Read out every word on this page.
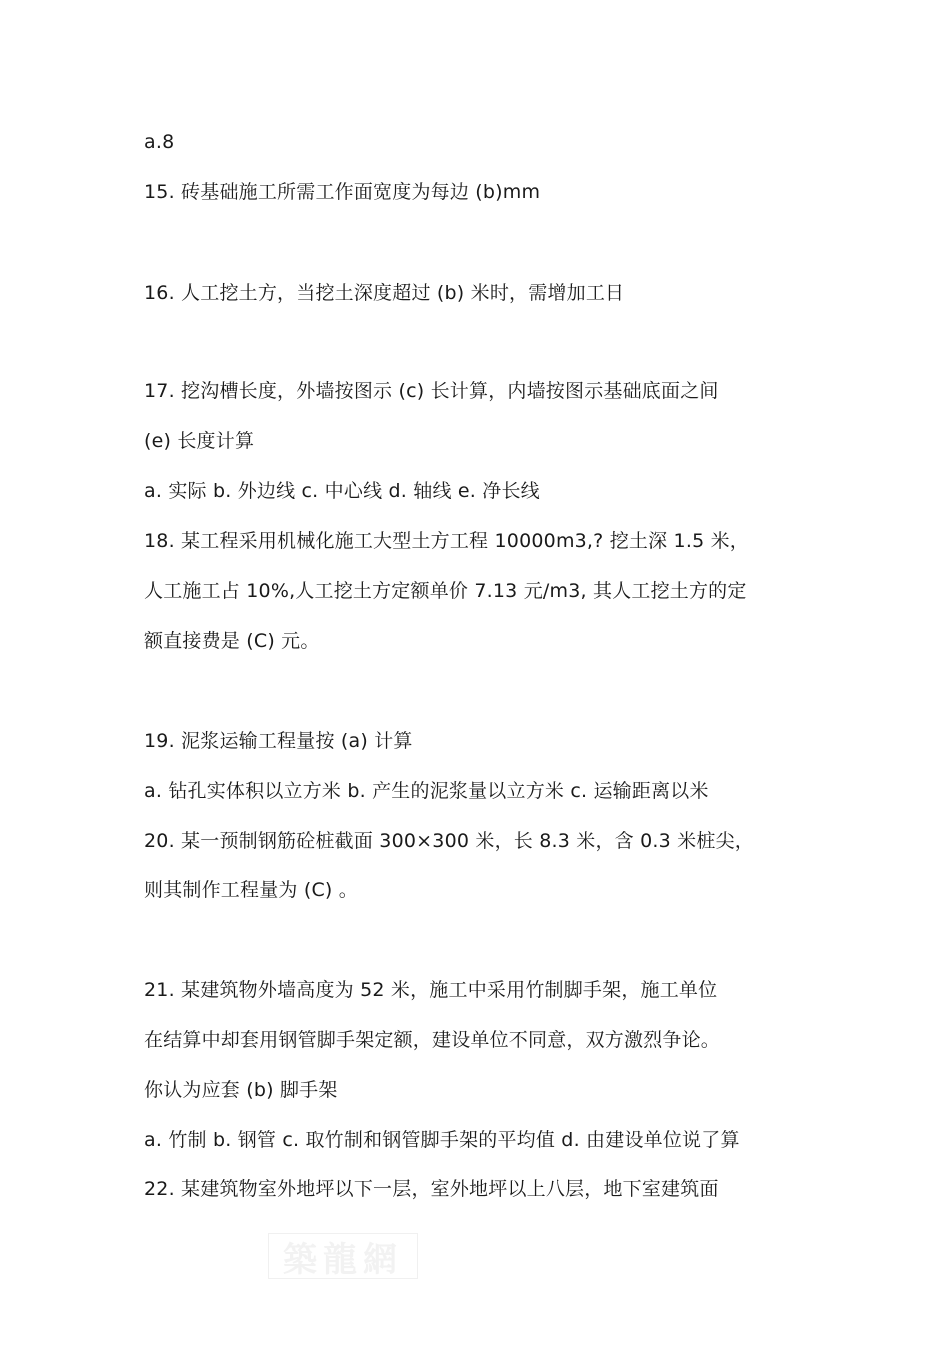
a.8
15. 砖基础施工所需工作面宽度为每边 (b)mm
16. 人工挖土方，当挖土深度超过 (b) 米时，需增加工日
17. 挖沟槽长度，外墙按图示 (c) 长计算，内墙按图示基础底面之间
(e) 长度计算
a. 实际 b. 外边线 c. 中心线 d. 轴线 e. 净长线
18. 某工程采用机械化施工大型土方工程 10000m3,? 挖土深 1.5 米，
人工施工占 10%,人工挖土方定额单价 7.13 元/m3, 其人工挖土方的定
额直接费是 (C) 元。
19. 泥浆运输工程量按 (a) 计算
a. 钻孔实体积以立方米 b. 产生的泥浆量以立方米 c. 运输距离以米
20. 某一预制钢筋砼桩截面 300×300 米，长 8.3 米，含 0.3 米桩尖，
则其制作工程量为 (C) 。
21. 某建筑物外墙高度为 52 米，施工中采用竹制脚手架，施工单位
在结算中却套用钢管脚手架定额，建设单位不同意，双方激烈争论。
你认为应套 (b) 脚手架
a. 竹制 b. 钢管 c. 取竹制和钢管脚手架的平均值 d. 由建设单位说了算
22. 某建筑物室外地坪以下一层，室外地坪以上八层，地下室建筑面
築龍網
